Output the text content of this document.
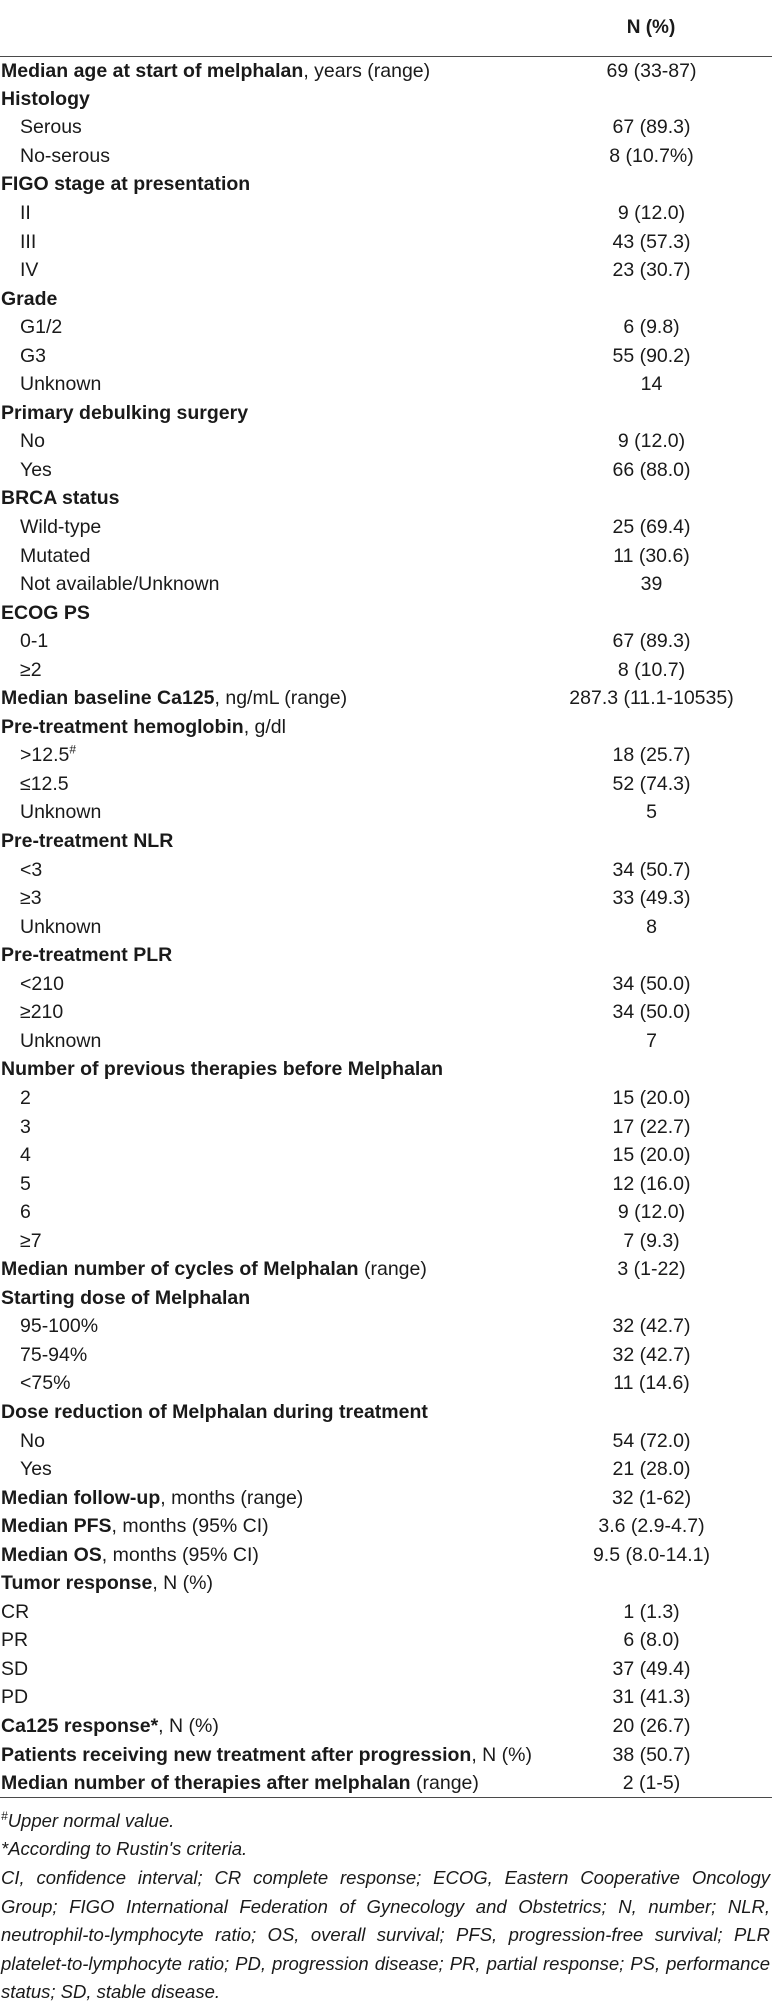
	N (%)
Median age at start of melphalan, years (range)	69 (33-87)
Histology	
Serous	67 (89.3)
No-serous	8 (10.7%)
FIGO stage at presentation	
II	9 (12.0)
III	43 (57.3)
IV	23 (30.7)
Grade	
G1/2	6 (9.8)
G3	55 (90.2)
Unknown	14
Primary debulking surgery	
No	9 (12.0)
Yes	66 (88.0)
BRCA status	
Wild-type	25 (69.4)
Mutated	11 (30.6)
Not available/Unknown	39
ECOG PS	
0-1	67 (89.3)
≥2	8 (10.7)
Median baseline Ca125, ng/mL (range)	287.3 (11.1-10535)
Pre-treatment hemoglobin, g/dl	
>12.5#	18 (25.7)
≤12.5	52 (74.3)
Unknown	5
Pre-treatment NLR	
<3	34 (50.7)
≥3	33 (49.3)
Unknown	8
Pre-treatment PLR	
<210	34 (50.0)
≥210	34 (50.0)
Unknown	7
Number of previous therapies before Melphalan	
2	15 (20.0)
3	17 (22.7)
4	15 (20.0)
5	12 (16.0)
6	9 (12.0)
≥7	7 (9.3)
Median number of cycles of Melphalan (range)	3 (1-22)
Starting dose of Melphalan	
95-100%	32 (42.7)
75-94%	32 (42.7)
<75%	11 (14.6)
Dose reduction of Melphalan during treatment	
No	54 (72.0)
Yes	21 (28.0)
Median follow-up, months (range)	32 (1-62)
Median PFS, months (95% CI)	3.6 (2.9-4.7)
Median OS, months (95% CI)	9.5 (8.0-14.1)
Tumor response, N (%)	
CR	1 (1.3)
PR	6 (8.0)
SD	37 (49.4)
PD	31 (41.3)
Ca125 response*, N (%)	20 (26.7)
Patients receiving new treatment after progression, N (%)	38 (50.7)
Median number of therapies after melphalan (range)	2 (1-5)
#Upper normal value.
*According to Rustin's criteria.
CI, confidence interval; CR complete response; ECOG, Eastern Cooperative Oncology Group; FIGO International Federation of Gynecology and Obstetrics; N, number; NLR, neutrophil-to-lymphocyte ratio; OS, overall survival; PFS, progression-free survival; PLR platelet-to-lymphocyte ratio; PD, progression disease; PR, partial response; PS, performance status; SD, stable disease.
